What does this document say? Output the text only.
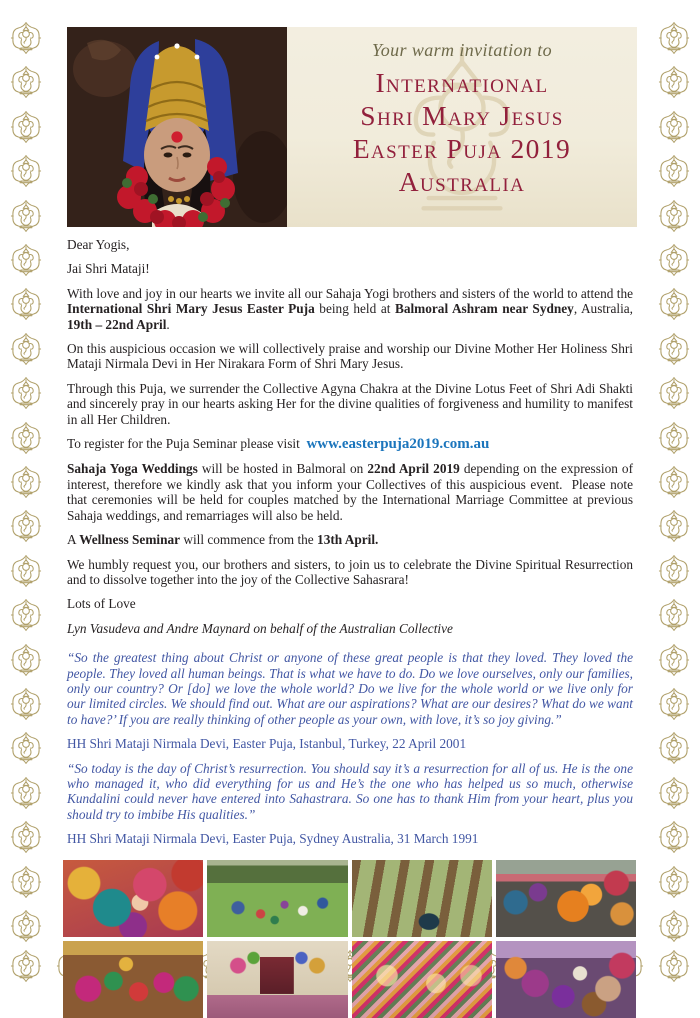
Your warm invitation to
International
Shri Mary Jesus
Easter Puja 2019
Australia

Dear Yogis,

Jai Shri Mataji!

With love and joy in our hearts we invite all our Sahaja Yogi brothers and sisters of the world to attend the International Shri Mary Jesus Easter Puja being held at Balmoral Ashram near Sydney, Australia, 19th – 22nd April.

On this auspicious occasion we will collectively praise and worship our Divine Mother Her Holiness Shri Mataji Nirmala Devi in Her Nirakara Form of Shri Mary Jesus.

Through this Puja, we surrender the Collective Agyna Chakra at the Divine Lotus Feet of Shri Adi Shakti and sincerely pray in our hearts asking Her for the divine qualities of forgiveness and humility to manifest in all Her Children.

To register for the Puja Seminar please visit  www.easterpuja2019.com.au

Sahaja Yoga Weddings will be hosted in Balmoral on 22nd April 2019 depending on the expression of interest, therefore we kindly ask that you inform your Collectives of this auspicious event.  Please note that ceremonies will be held for couples matched by the International Marriage Committee at previous Sahaja weddings, and remarriages will also be held.

A Wellness Seminar will commence from the 13th April.

We humbly request you, our brothers and sisters, to join us to celebrate the Divine Spiritual Resurrection and to dissolve together into the joy of the Collective Sahasrara!

Lots of Love

Lyn Vasudeva and Andre Maynard on behalf of the Australian Collective

“So the greatest thing about Christ or anyone of these great people is that they loved. They loved the people. They loved all human beings. That is what we have to do. Do we love ourselves, only our families, only our country? Or [do] we love the whole world? Do we live for the whole world or we live only for our limited circles. We should find out. What are our aspirations? What are our desires? What do we want to have?’ If you are really thinking of other people as your own, with love, it’s so joy giving.”

HH Shri Mataji Nirmala Devi, Easter Puja, Istanbul, Turkey, 22 April 2001

“So today is the day of Christ’s resurrection. You should say it’s a resurrection for all of us. He is the one who managed it, who did everything for us and He’s the one who has helped us so much, otherwise Kundalini could never have entered into Sahastrara. So one has to thank Him from your heart, plus you should try to imbibe His qualities.”

HH Shri Mataji Nirmala Devi, Easter Puja, Sydney Australia, 31 March 1991
